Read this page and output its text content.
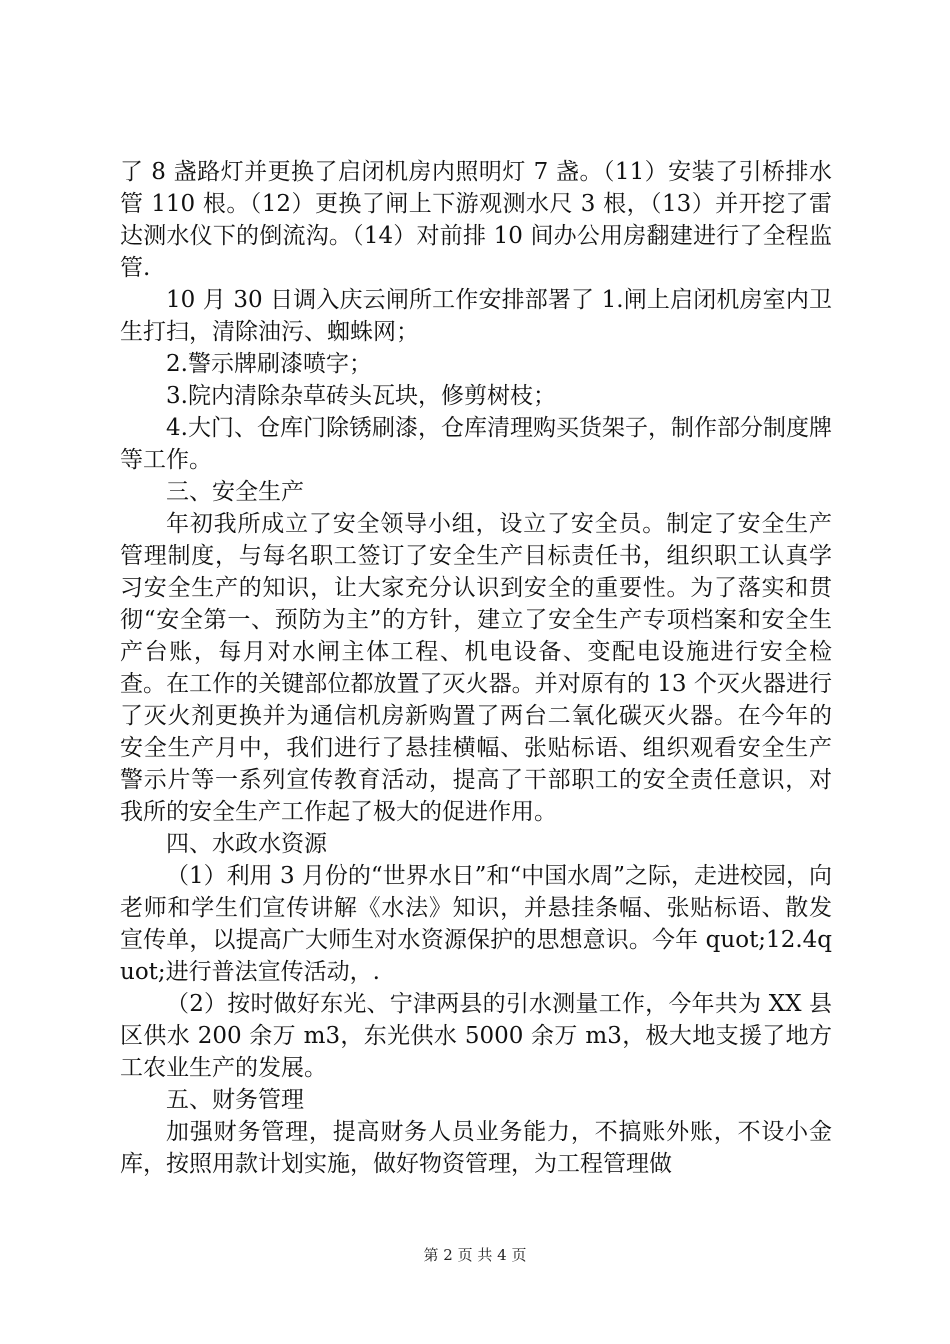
了 8 盏路灯并更换了启闭机房内照明灯 7 盏。（11）安装了引桥排水管 110 根。（12）更换了闸上下游观测水尺 3 根，（13）并开挖了雷达测水仪下的倒流沟。（14）对前排 10 间办公用房翻建进行了全程监管.

10 月 30 日调入庆云闸所工作安排部署了 1.闸上启闭机房室内卫生打扫，清除油污、蜘蛛网；

2.警示牌刷漆喷字；

3.院内清除杂草砖头瓦块，修剪树枝；

4.大门、仓库门除锈刷漆，仓库清理购买货架子，制作部分制度牌等工作。

三、安全生产

年初我所成立了安全领导小组，设立了安全员。制定了安全生产管理制度，与每名职工签订了安全生产目标责任书，组织职工认真学习安全生产的知识，让大家充分认识到安全的重要性。为了落实和贯彻“安全第一、预防为主”的方针，建立了安全生产专项档案和安全生产台账，每月对水闸主体工程、机电设备、变配电设施进行安全检查。在工作的关键部位都放置了灭火器。并对原有的 13 个灭火器进行了灭火剂更换并为通信机房新购置了两台二氧化碳灭火器。在今年的安全生产月中，我们进行了悬挂横幅、张贴标语、组织观看安全生产警示片等一系列宣传教育活动，提高了干部职工的安全责任意识，对我所的安全生产工作起了极大的促进作用。

四、水政水资源

（1）利用 3 月份的“世界水日”和“中国水周”之际，走进校园，向老师和学生们宣传讲解《水法》知识，并悬挂条幅、张贴标语、散发宣传单，以提高广大师生对水资源保护的思想意识。今年 quot;12.4quot;进行普法宣传活动，.

（2）按时做好东光、宁津两县的引水测量工作，今年共为 XX 县区供水 200 余万 m3，东光供水 5000 余万 m3，极大地支援了地方工农业生产的发展。

五、财务管理

加强财务管理，提高财务人员业务能力，不搞账外账，不设小金库，按照用款计划实施，做好物资管理，为工程管理做

第 2 页 共 4 页
